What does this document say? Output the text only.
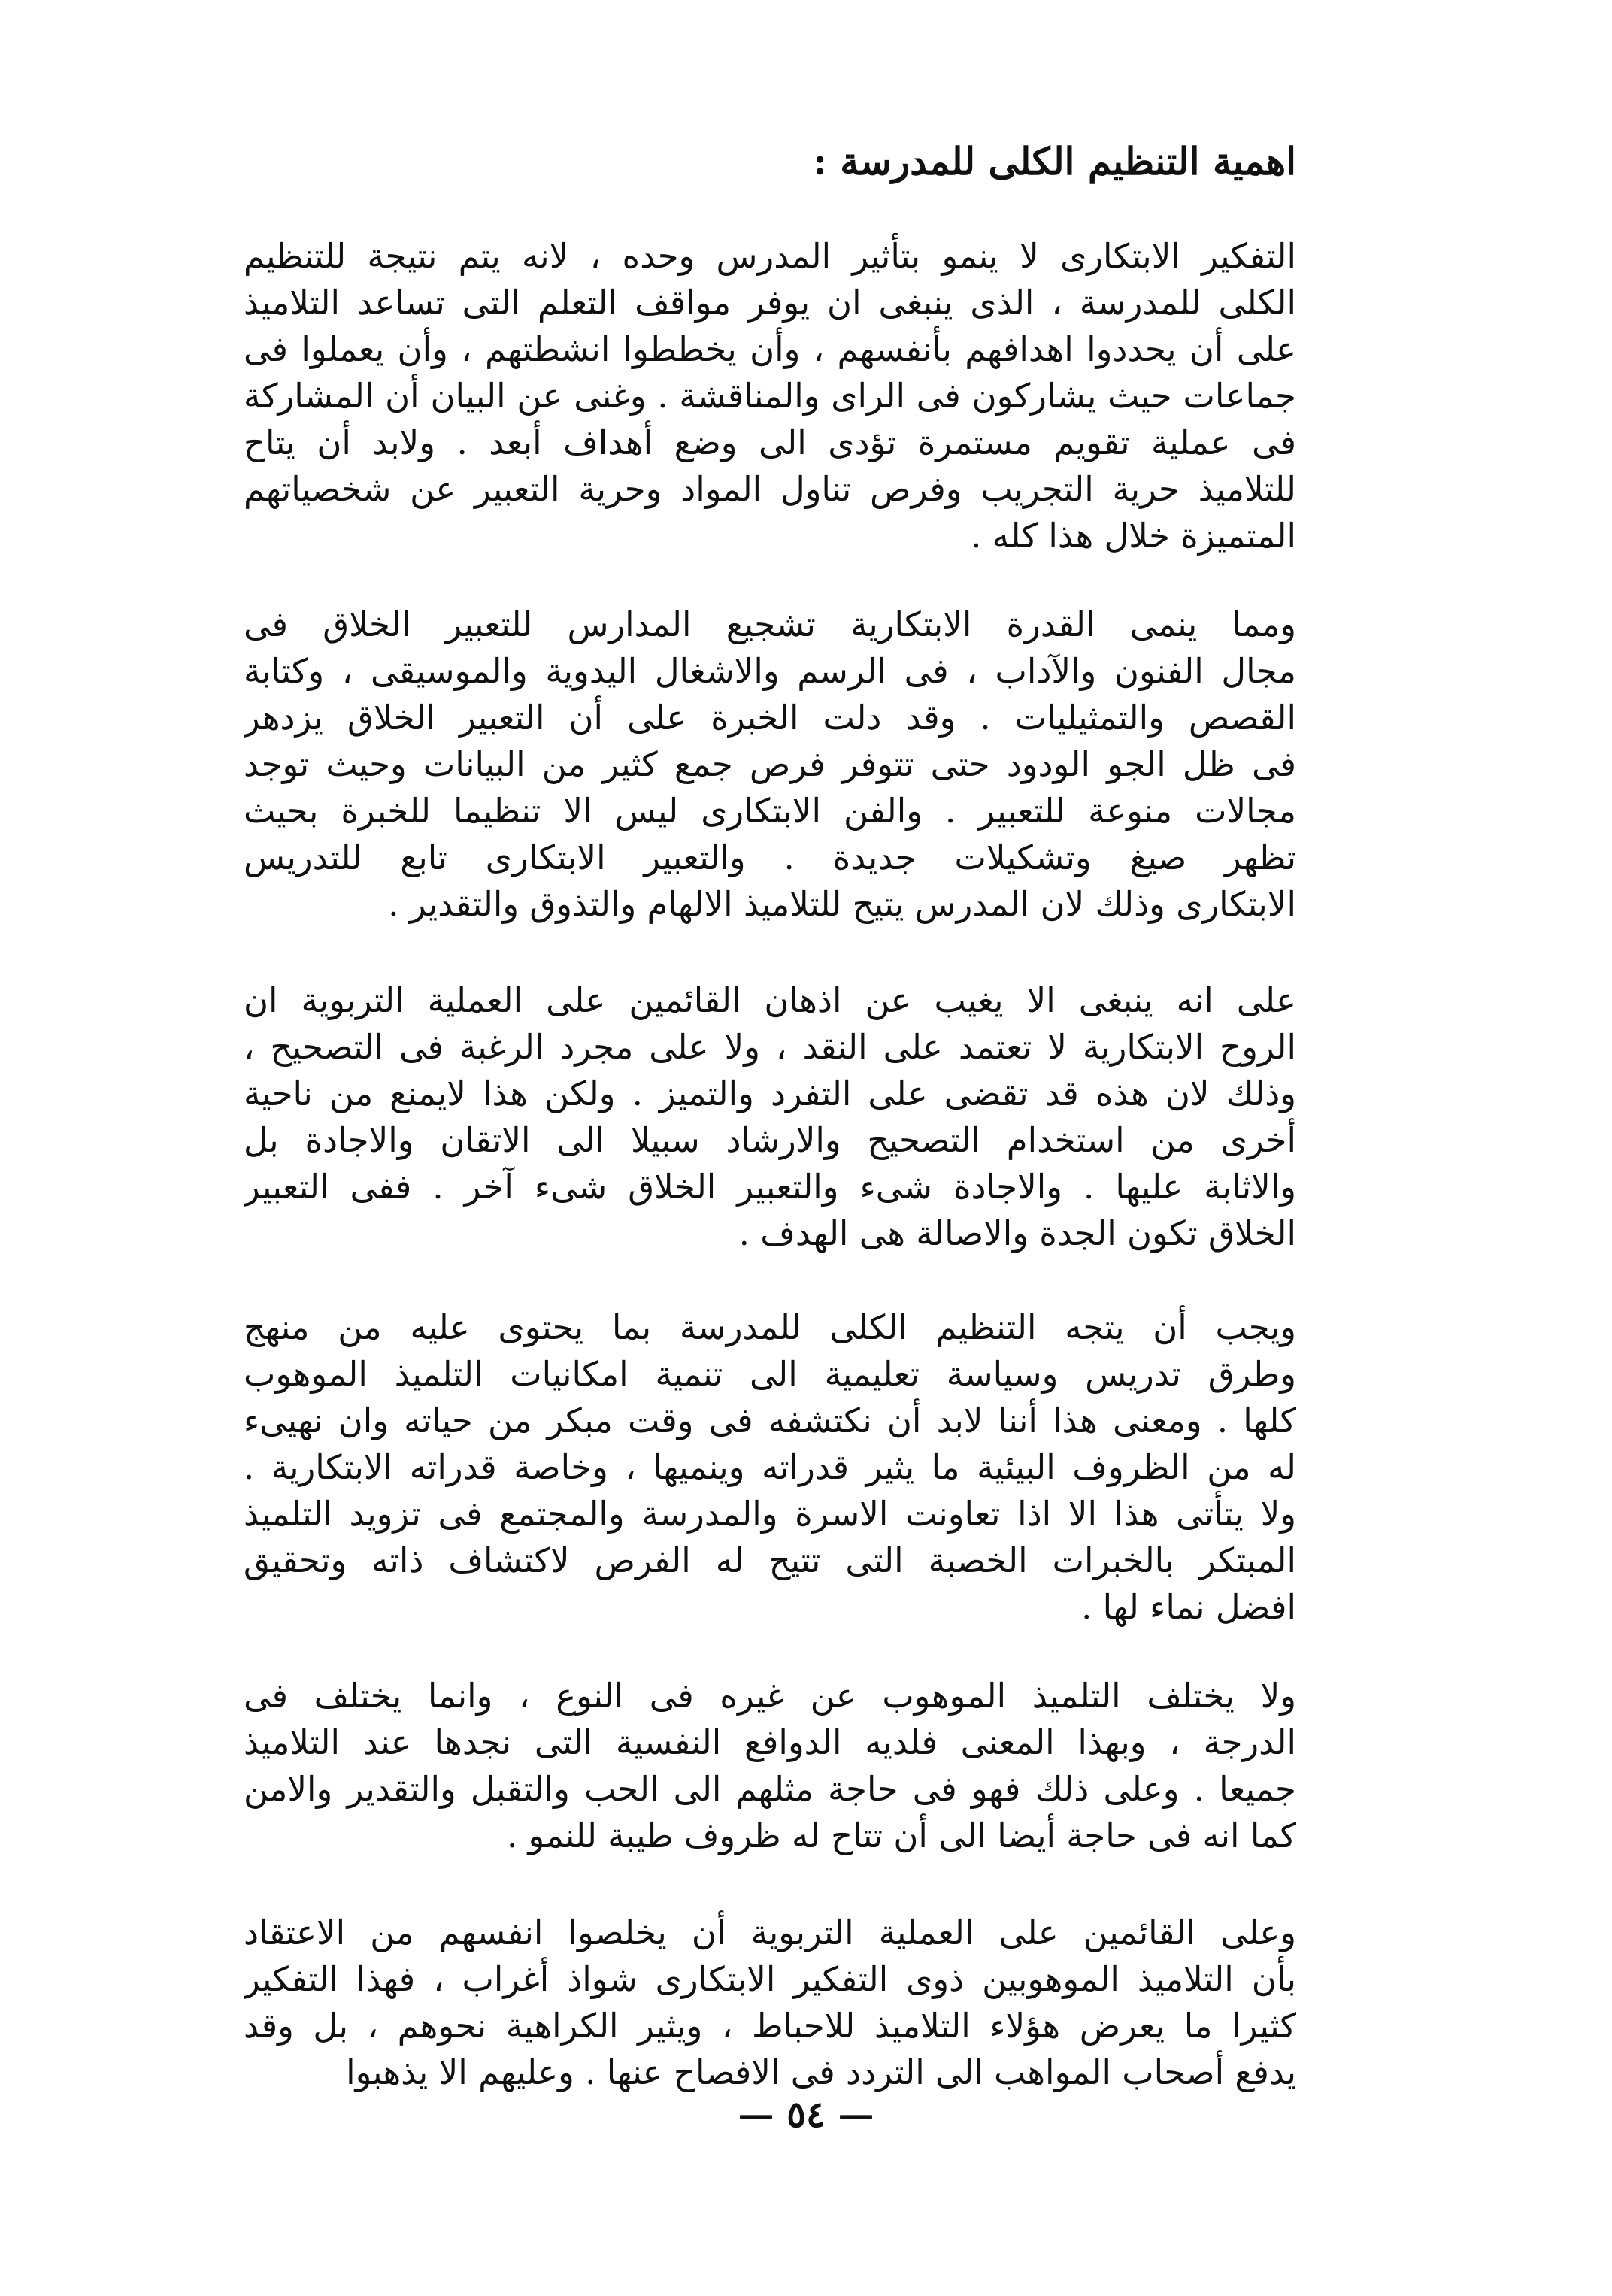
اهمية التنظيم الكلى للمدرسة :
التفكير الابتكارى لا ينمو بتأثير المدرس وحده ، لانه يتم نتيجة للتنظيم
الكلى للمدرسة ، الذى ينبغى ان يوفر مواقف التعلم التى تساعد التلاميذ
على أن يحددوا اهدافهم بأنفسهم ، وأن يخططوا انشطتهم ، وأن يعملوا فى
جماعات حيث يشاركون فى الراى والمناقشة . وغنى عن البيان أن المشاركة
فى عملية تقويم مستمرة تؤدى الى وضع أهداف أبعد . ولابد أن يتاح
للتلاميذ حرية التجريب وفرص تناول المواد وحرية التعبير عن شخصياتهم
المتميزة خلال هذا كله .
ومما ينمى القدرة الابتكارية تشجيع المدارس للتعبير الخلاق فى
مجال الفنون والآداب ، فى الرسم والاشغال اليدوية والموسيقى ، وكتابة
القصص والتمثيليات . وقد دلت الخبرة على أن التعبير الخلاق يزدهر
فى ظل الجو الودود حتى تتوفر فرص جمع كثير من البيانات وحيث توجد
مجالات منوعة للتعبير . والفن الابتكارى ليس الا تنظيما للخبرة بحيث
تظهر صيغ وتشكيلات جديدة . والتعبير الابتكارى تابع للتدريس
الابتكارى وذلك لان المدرس يتيح للتلاميذ الالهام والتذوق والتقدير .
على انه ينبغى الا يغيب عن اذهان القائمين على العملية التربوية ان
الروح الابتكارية لا تعتمد على النقد ، ولا على مجرد الرغبة فى التصحيح ،
وذلك لان هذه قد تقضى على التفرد والتميز . ولكن هذا لايمنع من ناحية
أخرى من استخدام التصحيح والارشاد سبيلا الى الاتقان والاجادة بل
والاثابة عليها . والاجادة شىء والتعبير الخلاق شىء آخر . ففى التعبير
الخلاق تكون الجدة والاصالة هى الهدف .
ويجب أن يتجه التنظيم الكلى للمدرسة بما يحتوى عليه من منهج
وطرق تدريس وسياسة تعليمية الى تنمية امكانيات التلميذ الموهوب
كلها . ومعنى هذا أننا لابد أن نكتشفه فى وقت مبكر من حياته وان نهيىء
له من الظروف البيئية ما يثير قدراته وينميها ، وخاصة قدراته الابتكارية .
ولا يتأتى هذا الا اذا تعاونت الاسرة والمدرسة والمجتمع فى تزويد التلميذ
المبتكر بالخبرات الخصبة التى تتيح له الفرص لاكتشاف ذاته وتحقيق
افضل نماء لها .
ولا يختلف التلميذ الموهوب عن غيره فى النوع ، وانما يختلف فى
الدرجة ، وبهذا المعنى فلديه الدوافع النفسية التى نجدها عند التلاميذ
جميعا . وعلى ذلك فهو فى حاجة مثلهم الى الحب والتقبل والتقدير والامن
كما انه فى حاجة أيضا الى أن تتاح له ظروف طيبة للنمو .
وعلى القائمين على العملية التربوية أن يخلصوا انفسهم من الاعتقاد
بأن التلاميذ الموهوبين ذوى التفكير الابتكارى شواذ أغراب ، فهذا التفكير
كثيرا ما يعرض هؤلاء التلاميذ للاحباط ، ويثير الكراهية نحوهم ، بل وقد
يدفع أصحاب المواهب الى التردد فى الافصاح عنها . وعليهم الا يذهبوا
— ٥٤ —
